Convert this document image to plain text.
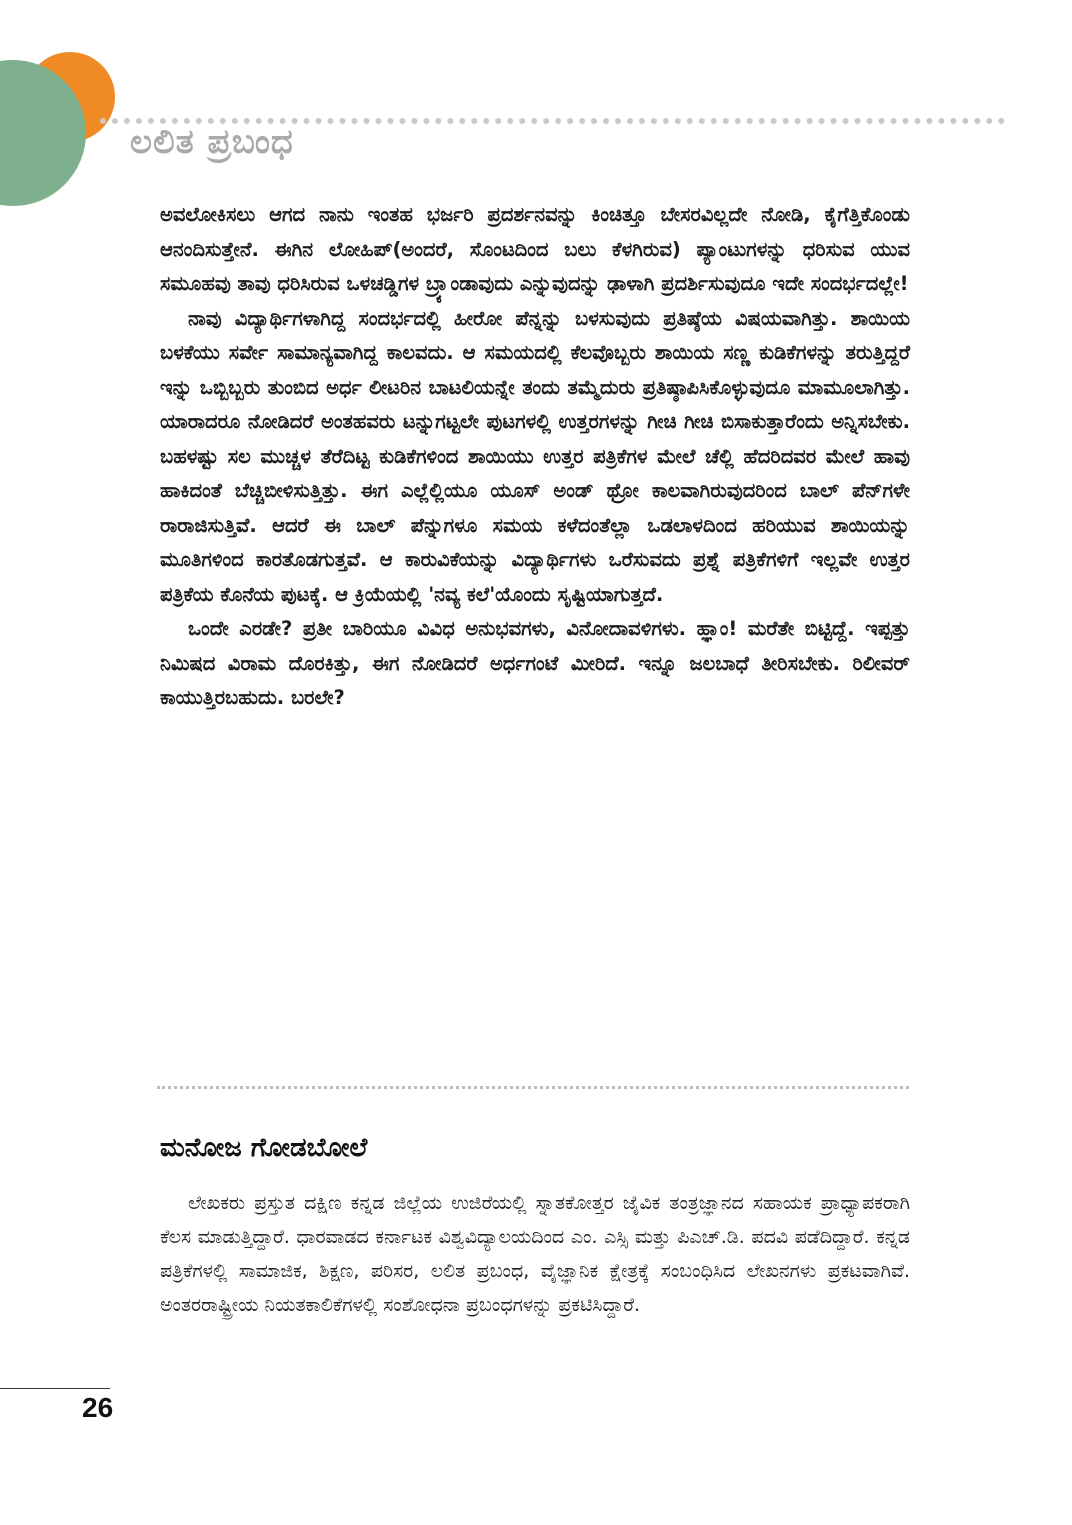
ಲಲಿತ ಪ್ರಬಂಧ

ಅವಲೋಕಿಸಲು ಆಗದ ನಾನು ಇಂತಹ ಭರ್ಜರಿ ಪ್ರದರ್ಶನವನ್ನು ಕಿಂಚಿತ್ತೂ ಬೇಸರವಿಲ್ಲದೇ ನೋಡಿ, ಕೈಗೆತ್ತಿಕೊಂಡು ಆನಂದಿಸುತ್ತೇನೆ. ಈಗಿನ ಲೋಹಿಪ್(ಅಂದರೆ, ಸೊಂಟದಿಂದ ಬಲು ಕೆಳಗಿರುವ) ಪ್ಯಾಂಟುಗಳನ್ನು ಧರಿಸುವ ಯುವ ಸಮೂಹವು ತಾವು ಧರಿಸಿರುವ ಒಳಚಡ್ಡಿಗಳ ಬ್ರ್ಯಾಂಡಾವುದು ಎನ್ನುವುದನ್ನು ಢಾಳಾಗಿ ಪ್ರದರ್ಶಿಸುವುದೂ ಇದೇ ಸಂದರ್ಭದಲ್ಲೇ!

ನಾವು ವಿದ್ಯಾರ್ಥಿಗಳಾಗಿದ್ದ ಸಂದರ್ಭದಲ್ಲಿ ಹೀರೋ ಪೆನ್ನನ್ನು ಬಳಸುವುದು ಪ್ರತಿಷ್ಠೆಯ ವಿಷಯವಾಗಿತ್ತು. ಶಾಯಿಯ ಬಳಕೆಯು ಸರ್ವೇ ಸಾಮಾನ್ಯವಾಗಿದ್ದ ಕಾಲವದು. ಆ ಸಮಯದಲ್ಲಿ ಕೆಲವೊಬ್ಬರು ಶಾಯಿಯ ಸಣ್ಣ ಕುಡಿಕೆಗಳನ್ನು ತರುತ್ತಿದ್ದರೆ ಇನ್ನು ಒಬ್ಬಿಬ್ಬರು ತುಂಬಿದ ಅರ್ಧ ಲೀಟರಿನ ಬಾಟಲಿಯನ್ನೇ ತಂದು ತಮ್ಮೆದುರು ಪ್ರತಿಷ್ಠಾಪಿಸಿಕೊಳ್ಳುವುದೂ ಮಾಮೂಲಾಗಿತ್ತು. ಯಾರಾದರೂ ನೋಡಿದರೆ ಅಂತಹವರು ಟನ್ನುಗಟ್ಟಲೇ ಪುಟಗಳಲ್ಲಿ ಉತ್ತರಗಳನ್ನು ಗೀಚಿ ಗೀಚಿ ಬಿಸಾಕುತ್ತಾರೆಂದು ಅನ್ನಿಸಬೇಕು. ಬಹಳಷ್ಟು ಸಲ ಮುಚ್ಚಳ ತೆರೆದಿಟ್ಟ ಕುಡಿಕೆಗಳಿಂದ ಶಾಯಿಯು ಉತ್ತರ ಪತ್ರಿಕೆಗಳ ಮೇಲೆ ಚೆಲ್ಲಿ ಹೆದರಿದವರ ಮೇಲೆ ಹಾವು ಹಾಕಿದಂತೆ ಬೆಚ್ಚಿಬೀಳಿಸುತ್ತಿತ್ತು. ಈಗ ಎಲ್ಲೆಲ್ಲಿಯೂ ಯೂಸ್ ಅಂಡ್ ಥ್ರೋ ಕಾಲವಾಗಿರುವುದರಿಂದ ಬಾಲ್ ಪೆನ್‌ಗಳೇ ರಾರಾಜಿಸುತ್ತಿವೆ. ಆದರೆ ಈ ಬಾಲ್ ಪೆನ್ನುಗಳೂ ಸಮಯ ಕಳೆದಂತೆಲ್ಲಾ ಒಡಲಾಳದಿಂದ ಹರಿಯುವ ಶಾಯಿಯನ್ನು ಮೂತಿಗಳಿಂದ ಕಾರತೊಡಗುತ್ತವೆ. ಆ ಕಾರುವಿಕೆಯನ್ನು ವಿದ್ಯಾರ್ಥಿಗಳು ಒರೆಸುವದು ಪ್ರಶ್ನೆ ಪತ್ರಿಕೆಗಳಿಗೆ ಇಲ್ಲವೇ ಉತ್ತರ ಪತ್ರಿಕೆಯ ಕೊನೆಯ ಪುಟಕ್ಕೆ. ಆ ಕ್ರಿಯೆಯಲ್ಲಿ 'ನವ್ಯ ಕಲೆ'ಯೊಂದು ಸೃಷ್ಟಿಯಾಗುತ್ತದೆ.

ಒಂದೇ ಎರಡೇ? ಪ್ರತೀ ಬಾರಿಯೂ ವಿವಿಧ ಅನುಭವಗಳು, ವಿನೋದಾವಳಿಗಳು. ಹ್ಞಾಂ! ಮರೆತೇ ಬಿಟ್ಟಿದ್ದೆ. ಇಪ್ಪತ್ತು ನಿಮಿಷದ ವಿರಾಮ ದೊರಕಿತ್ತು, ಈಗ ನೋಡಿದರೆ ಅರ್ಧಗಂಟೆ ಮೀರಿದೆ. ಇನ್ನೂ ಜಲಬಾಧೆ ತೀರಿಸಬೇಕು. ರಿಲೀವರ್ ಕಾಯುತ್ತಿರಬಹುದು. ಬರಲೇ?

ಮನೋಜ ಗೋಡಬೋಲೆ

ಲೇಖಕರು ಪ್ರಸ್ತುತ ದಕ್ಷಿಣ ಕನ್ನಡ ಜಿಲ್ಲೆಯ ಉಜಿರೆಯಲ್ಲಿ ಸ್ನಾತಕೋತ್ತರ ಜೈವಿಕ ತಂತ್ರಜ್ಞಾನದ ಸಹಾಯಕ ಪ್ರಾಧ್ಯಾಪಕರಾಗಿ ಕೆಲಸ ಮಾಡುತ್ತಿದ್ದಾರೆ. ಧಾರವಾಡದ ಕರ್ನಾಟಕ ವಿಶ್ವವಿದ್ಯಾಲಯದಿಂದ ಎಂ. ಎಸ್ಸಿ ಮತ್ತು ಪಿಎಚ್.ಡಿ. ಪದವಿ ಪಡೆದಿದ್ದಾರೆ. ಕನ್ನಡ ಪತ್ರಿಕೆಗಳಲ್ಲಿ ಸಾಮಾಜಿಕ, ಶಿಕ್ಷಣ, ಪರಿಸರ, ಲಲಿತ ಪ್ರಬಂಧ, ವೈಜ್ಞಾನಿಕ ಕ್ಷೇತ್ರಕ್ಕೆ ಸಂಬಂಧಿಸಿದ ಲೇಖನಗಳು ಪ್ರಕಟವಾಗಿವೆ. ಅಂತರರಾಷ್ಟ್ರೀಯ ನಿಯತಕಾಲಿಕೆಗಳಲ್ಲಿ ಸಂಶೋಧನಾ ಪ್ರಬಂಧಗಳನ್ನು ಪ್ರಕಟಿಸಿದ್ದಾರೆ.

26
